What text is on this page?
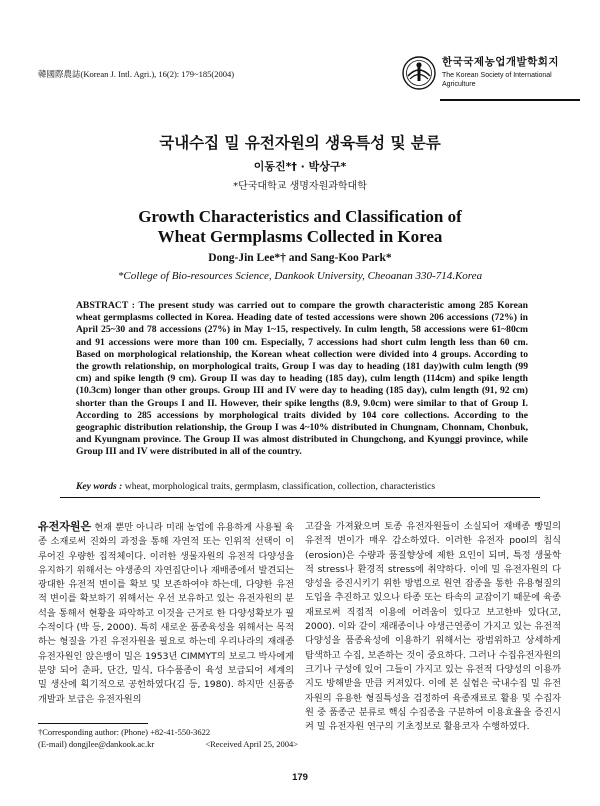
韓國際農誌(Korean J. Intl. Agri.), 16(2): 179~185(2004)
한국국제농업개발학회지
The Korean Society of International Agriculture
국내수집 밀 유전자원의 생육특성 및 분류
이동진*† · 박상구*
*단국대학교 생명자원과학대학
Growth Characteristics and Classification of
Wheat Germplasms Collected in Korea
Dong-Jin Lee*† and Sang-Koo Park*
*College of Bio-resources Science, Dankook University, Cheoanan 330-714.Korea
ABSTRACT : The present study was carried out to compare the growth characteristic among 285 Korean wheat germplasms collected in Korea. Heading date of tested accessions were shown 206 accessions (72%) in April 25~30 and 78 accessions (27%) in May 1~15, respectively. In culm length, 58 accessions were 61~80cm and 91 accessions were more than 100 cm. Especially, 7 accessions had short culm length less than 60 cm. Based on morphological relationship, the Korean wheat collection were divided into 4 groups. According to the growth relationship, on morphological traits, Group I was day to heading (181 day)with culm length (99 cm) and spike length (9 cm). Group II was day to heading (185 day), culm length (114cm) and spike length (10.3cm) longer than other groups. Group III and IV were day to heading (185 day), culm length (91, 92 cm) shorter than the Groups I and II. However, their spike lengths (8.9, 9.0cm) were similar to that of Group I. According to 285 accessions by morphological traits divided by 104 core collections. According to the geographic distribution relationship, the Group I was 4~10% distributed in Chungnam, Chonnam, Chonbuk, and Kyungnam province. The Group II was almost distributed in Chungchong, and Kyunggi province, while Group III and IV were distributed in all of the country.
Key words : wheat, morphological traits, germplasm, classification, collection, characteristics
유전자원은 현재 뿐만 아니라 미래 농업에 유용하게 사용될 육종 소재로써 진화의 과정을 통해 자연적 또는 인위적 선택이 이루어진 우량한 집적체이다. 이러한 생물자원의 유전적 다양성을 유지하기 위해서는 야생종의 자연집단이나 재배종에서 발견되는 광대한 유전적 변이를 확보 및 보존하여야 하는데, 다양한 유전적 변이를 확보하기 위해서는 우선 보유하고 있는 유전자원의 분석을 통해서 현황을 파악하고 이것을 근거로 한 다양성확보가 필수적이다 (박 등, 2000). 특히 새로운 품종육성을 위해서는 목적하는 형질을 가진 유전자원을 필요로 하는데 우리나라의 재래종 유전자원인 앉은뱅이 밀은 1953년 CIMMYT의 보로그 박사에게 분양 되어 춘파, 단간, 밀식, 다수품종이 육성 보급되어 세계의 밀 생산에 획기적으로 공헌하였다(김 등, 1980). 하지만 신품종 개발과 보급은 유전자원의
고갈을 가져왔으며 토종 유전자원들이 소실되어 재배종 빵밀의 유전적 변이가 매우 감소하였다. 이러한 유전자 pool의 침식(erosion)은 수량과 품질향상에 제한 요인이 되며, 특정 생물학적 stress나 환경적 stress에 취약하다. 이에 밀 유전자원의 다양성을 증진시키기 위한 방법으로 원연 잡종을 통한 유용형질의 도입을 추진하고 있으나 타종 또는 타속의 교잡이기 때문에 육종재료로써 직접적 이용에 어려움이 있다고 보고한바 있다(고, 2000). 이와 같이 재래종이나 야생근연종이 가지고 있는 유전적 다양성을 품종육성에 이용하기 위해서는 광범위하고 상세하게 탐색하고 수집, 보존하는 것이 중요하다. 그러나 수집유전자원의 크기나 구성에 있어 그들이 가지고 있는 유전적 다양성의 이용까지도 방해받을 만큼 커져있다. 이에 본 실험은 국내수집 밀 유전자원의 유용한 형질특성을 검정하여 육종재료로 활용 및 수집자원 중 품종군 분류로 핵심 수집종을 구분하여 이용효율을 증진시켜 밀 유전자원 연구의 기초정보로 활용코자 수행하였다.
†Corresponding author: (Phone) +82-41-550-3622
(E-mail) dongjlee@dankook.ac.kr	<Received April 25, 2004>
179
